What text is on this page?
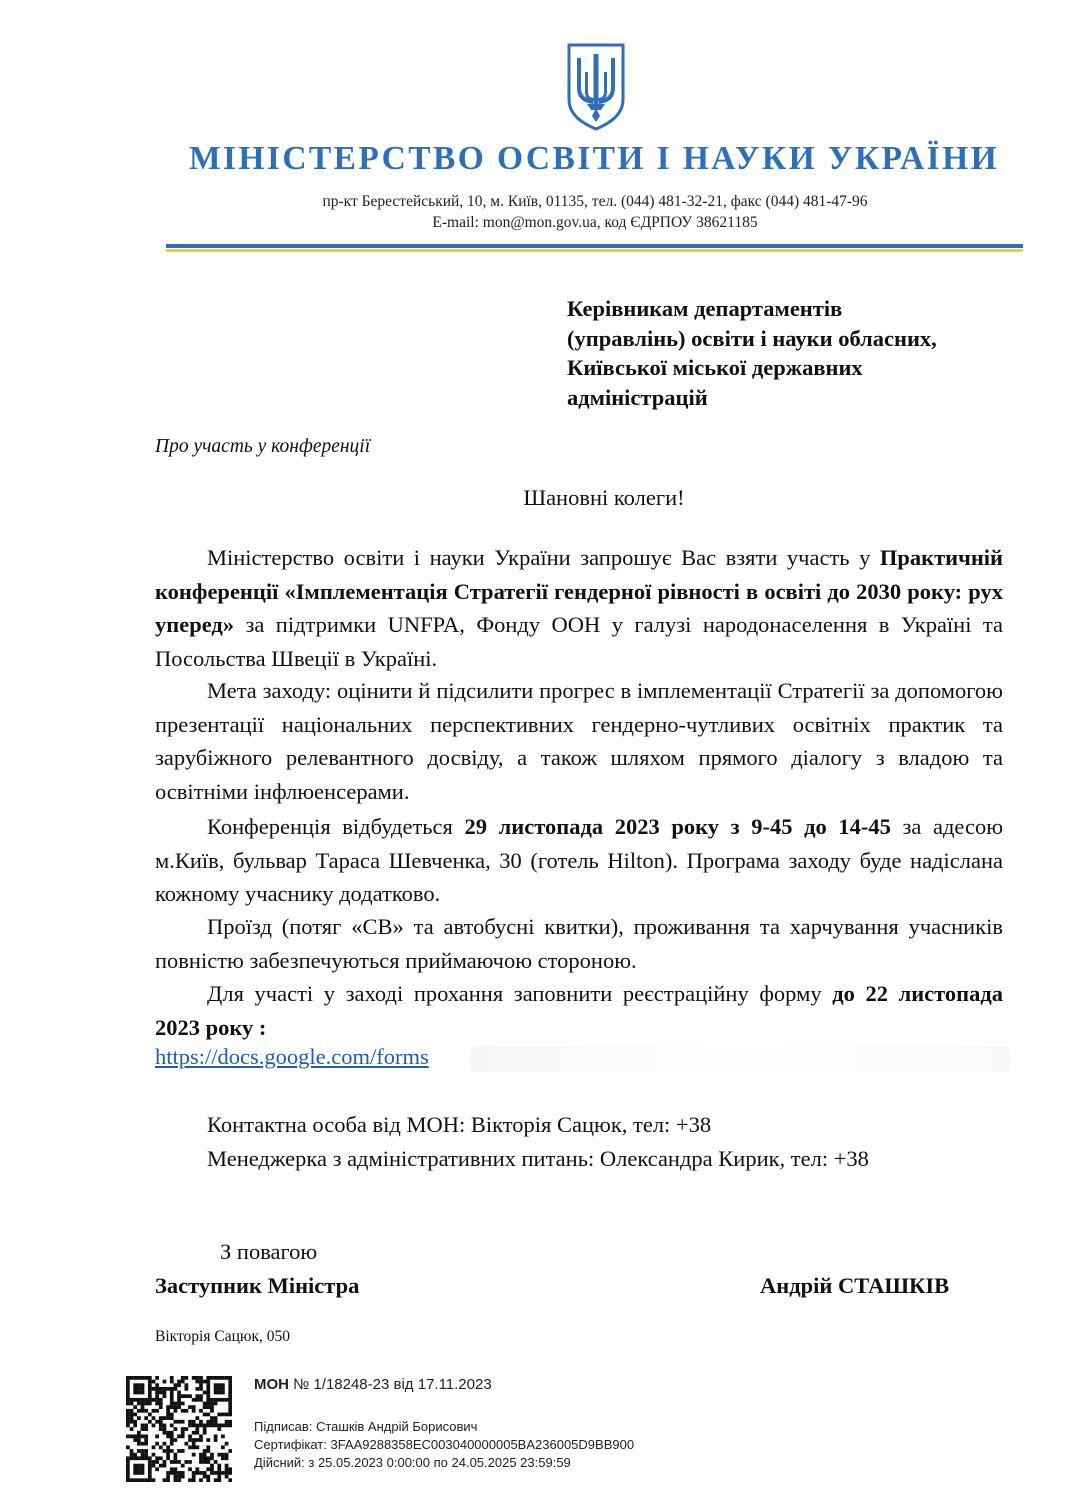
МІНІСТЕРСТВО ОСВІТИ І НАУКИ УКРАЇНИ
пр-кт Берестейський, 10, м. Київ, 01135, тел. (044) 481-32-21, факс (044) 481-47-96
E-mail: mon@mon.gov.ua, код ЄДРПОУ 38621185
Керівникам департаментів
(управлінь) освіти і науки обласних,
Київської міської державних
адміністрацій
Про участь у конференції
Шановні колеги!

Міністерство освіти і науки України запрошує Вас взяти участь у Практичній конференції «Імплементація Стратегії гендерної рівності в освіті до 2030 року: рух уперед» за підтримки UNFPA, Фонду ООН у галузі народонаселення в Україні та Посольства Швеції в Україні.

Мета заходу: оцінити й підсилити прогрес в імплементації Стратегії за допомогою презентації національних перспективних гендерно-чутливих освітніх практик та зарубіжного релевантного досвіду, а також шляхом прямого діалогу з владою та освітніми інфлюенсерами.

Конференція відбудеться 29 листопада 2023 року з 9-45 до 14-45 за адесою м.Київ, бульвар Тараса Шевченка, 30 (готель Hilton). Програма заходу буде надіслана кожному учаснику додатково.

Проїзд (потяг «СВ» та автобусні квитки), проживання та харчування учасників повністю забезпечуються приймаючою стороною.

Для участі у заході прохання заповнити реєстраційну форму до 22 листопада 2023 року :

https://docs.google.com/forms
Контактна особа від МОН: Вікторія Сацюк, тел: +38
Менеджерка з адміністративних питань: Олександра Кирик, тел: +38
З повагою
Заступник Міністра	Андрій СТАШКІВ
Вікторія Сацюк, 050
МОН № 1/18248-23 від 17.11.2023
Підписав: Сташків Андрій Борисович
Сертифікат: 3FAA9288358EC003040000005BA236005D9BB900
Дійсний: з 25.05.2023 0:00:00 по 24.05.2025 23:59:59
